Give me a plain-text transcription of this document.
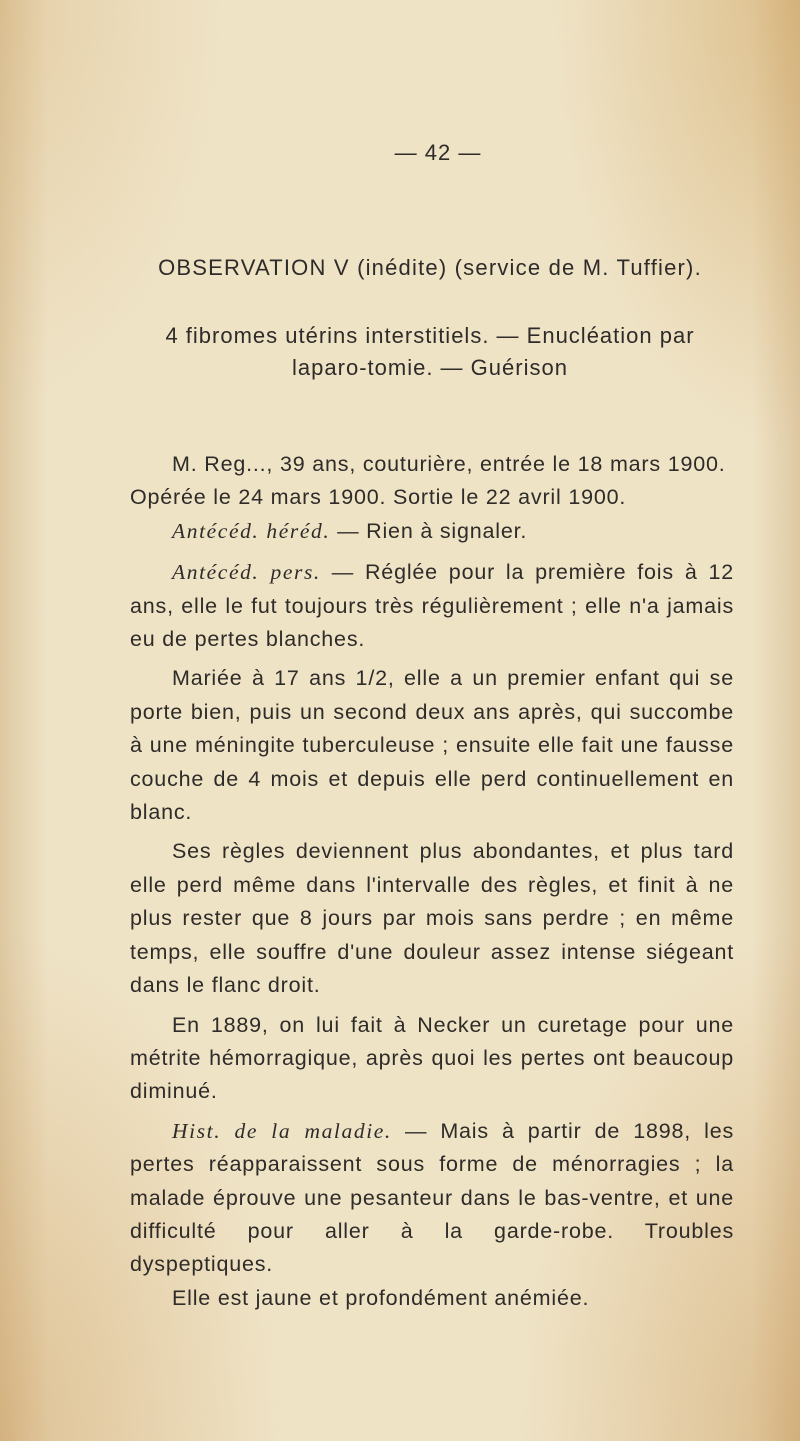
— 42 —
OBSERVATION V (inédite) (service de M. Tuffier).
4 fibromes utérins interstitiels. — Enucléation par laparo-tomie. — Guérison

M. Reg..., 39 ans, couturière, entrée le 18 mars 1900.

Opérée le 24 mars 1900. Sortie le 22 avril 1900.

Antécéd. héréd. — Rien à signaler.

Antécéd. pers. — Réglée pour la première fois à 12 ans, elle le fut toujours très régulièrement ; elle n'a jamais eu de pertes blanches.

Mariée à 17 ans 1/2, elle a un premier enfant qui se porte bien, puis un second deux ans après, qui succombe à une méningite tuberculeuse ; ensuite elle fait une fausse couche de 4 mois et depuis elle perd continuellement en blanc.

Ses règles deviennent plus abondantes, et plus tard elle perd même dans l'intervalle des règles, et finit à ne plus rester que 8 jours par mois sans perdre ; en même temps, elle souffre d'une douleur assez intense siégeant dans le flanc droit.

En 1889, on lui fait à Necker un curetage pour une métrite hémorragique, après quoi les pertes ont beaucoup diminué.

Hist. de la maladie. — Mais à partir de 1898, les pertes réapparaissent sous forme de ménorragies ; la malade éprouve une pesanteur dans le bas-ventre, et une difficulté pour aller à la garde-robe. Troubles dyspeptiques.

Elle est jaune et profondément anémiée.
